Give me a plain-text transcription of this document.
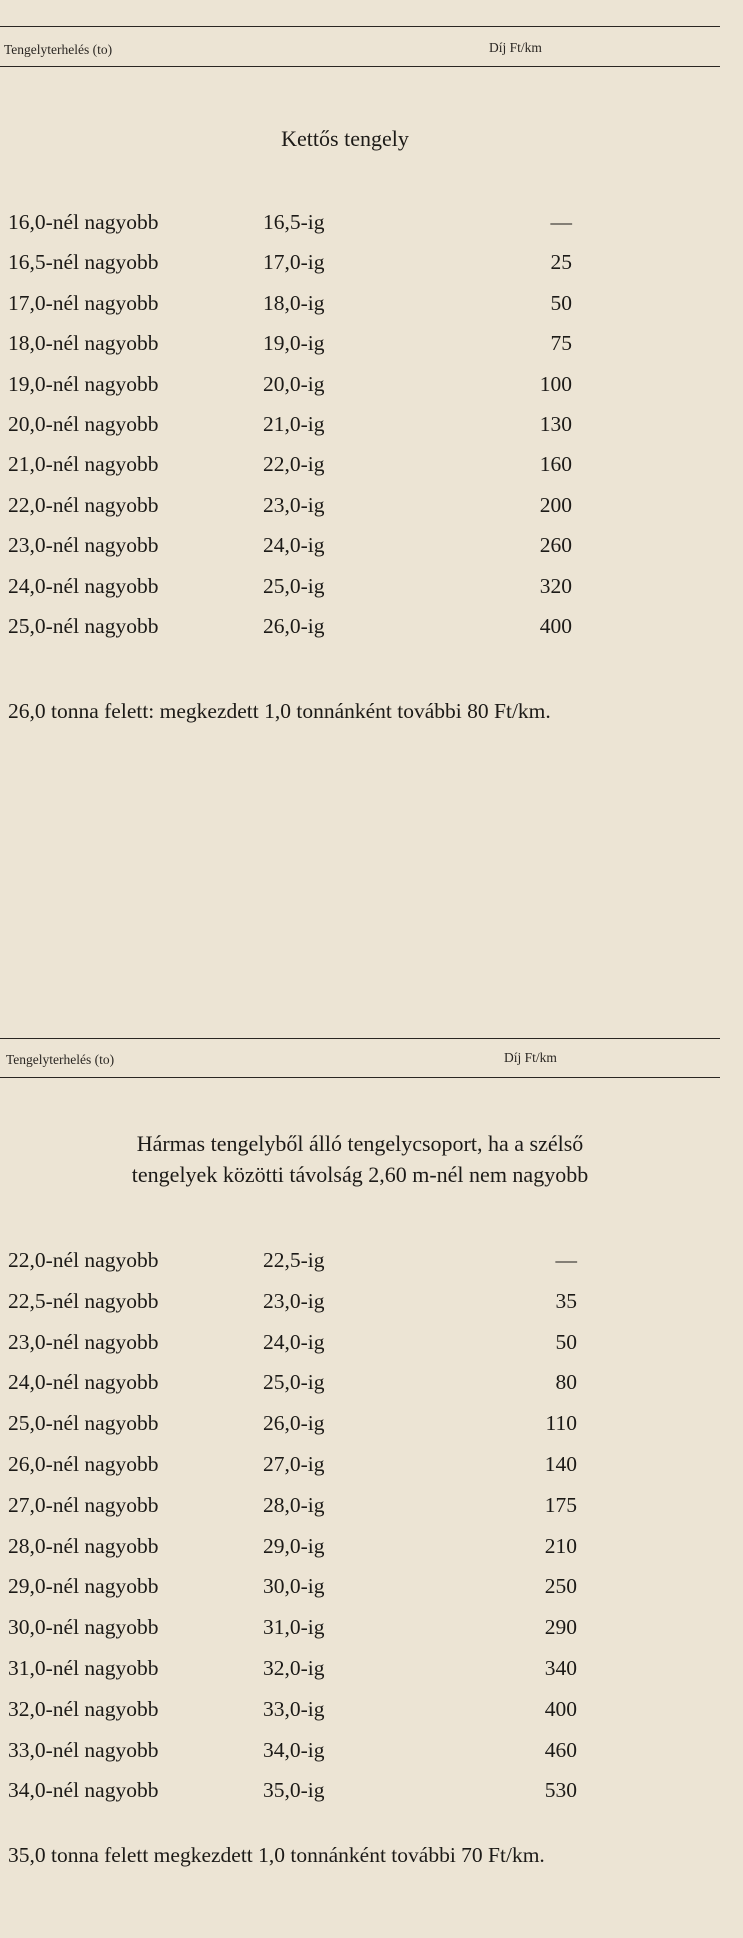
Tengelyterhelés (to)	Díj Ft/km
Kettős tengely
16,0-nél nagyobb	16,5-ig	—
16,5-nél nagyobb	17,0-ig	25
17,0-nél nagyobb	18,0-ig	50
18,0-nél nagyobb	19,0-ig	75
19,0-nél nagyobb	20,0-ig	100
20,0-nél nagyobb	21,0-ig	130
21,0-nél nagyobb	22,0-ig	160
22,0-nél nagyobb	23,0-ig	200
23,0-nél nagyobb	24,0-ig	260
24,0-nél nagyobb	25,0-ig	320
25,0-nél nagyobb	26,0-ig	400
26,0 tonna felett: megkezdett 1,0 tonnánként további 80 Ft/km.
Tengelyterhelés (to)	Díj Ft/km
Hármas tengelyből álló tengelycsoport, ha a szélső
tengelyek közötti távolság 2,60 m-nél nem nagyobb
22,0-nél nagyobb	22,5-ig	—
22,5-nél nagyobb	23,0-ig	35
23,0-nél nagyobb	24,0-ig	50
24,0-nél nagyobb	25,0-ig	80
25,0-nél nagyobb	26,0-ig	110
26,0-nél nagyobb	27,0-ig	140
27,0-nél nagyobb	28,0-ig	175
28,0-nél nagyobb	29,0-ig	210
29,0-nél nagyobb	30,0-ig	250
30,0-nél nagyobb	31,0-ig	290
31,0-nél nagyobb	32,0-ig	340
32,0-nél nagyobb	33,0-ig	400
33,0-nél nagyobb	34,0-ig	460
34,0-nél nagyobb	35,0-ig	530
35,0 tonna felett megkezdett 1,0 tonnánként további 70 Ft/km.
